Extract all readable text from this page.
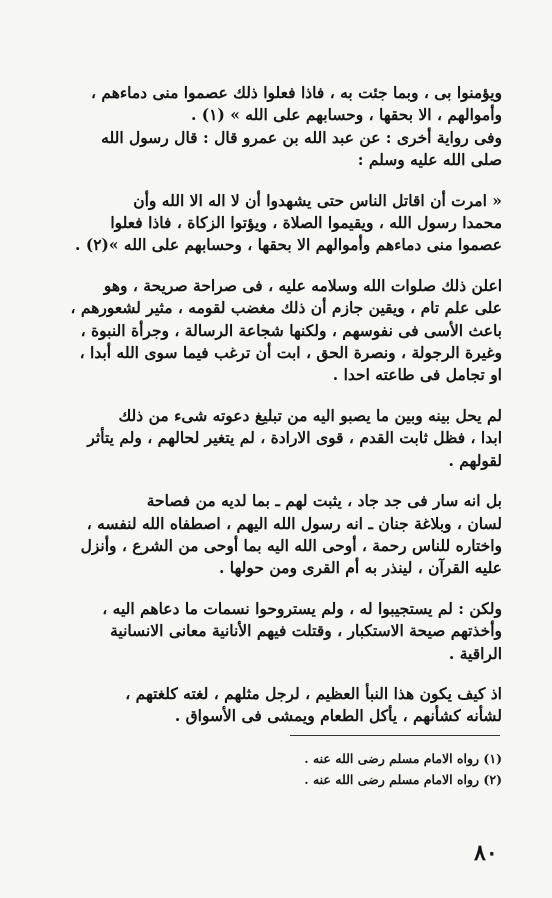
ويؤمنوا بى ، وبما جئت به ، فاذا فعلوا ذلك عصموا منى دماءهم ،
وأموالهم ، الا بحقها ، وحسابهم على الله » (١) .
وفى رواية أخرى : عن عبد الله بن عمرو قال : قال رسول الله
صلى الله عليه وسلم :
« امرت أن اقاتل الناس حتى يشهدوا أن لا اله الا الله وأن
محمدا رسول الله ، ويقيموا الصلاة ، ويؤتوا الزكاة ، فاذا فعلوا
عصموا منى دماءهم وأموالهم الا بحقها ، وحسابهم على الله »(٢) .
اعلن ذلك صلوات الله وسلامه عليه ، فى صراحة صريحة ، وهو
على علم تام ، ويقين جازم أن ذلك مغضب لقومه ، مثير لشعورهم ،
باعث الأسى فى نفوسهم ، ولكنها شجاعة الرسالة ، وجرأة النبوة ،
وغيرة الرجولة ، ونصرة الحق ، ابت أن ترغب فيما سوى الله أبدا ،
او تجامل فى طاعته احدا .
لم يحل بينه وبين ما يصبو اليه من تبليغ دعوته شىء من ذلك
ابدا ، فظل ثابت القدم ، قوى الارادة ، لم يتغير لحالهم ، ولم يتأثر
لقولهم .
بل انه سار فى جد جاد ، يثبت لهم ـ بما لديه من فصاحة
لسان ، وبلاغة جنان ـ انه رسول الله اليهم ، اصطفاه الله لنفسه ،
واختاره للناس رحمة ، أوحى الله اليه بما أوحى من الشرع ، وأنزل
عليه القرآن ، لينذر به أم القرى ومن حولها .
ولكن : لم يستجيبوا له ، ولم يستروحوا نسمات ما دعاهم اليه ،
وأخذتهم صيحة الاستكبار ، وقتلت فيهم الأنانية معانى الانسانية
الراقية .
اذ كيف يكون هذا النبأ العظيم ، لرجل مثلهم ، لغته كلغتهم ،
لشأنه كشأنهم ، يأكل الطعام ويمشى فى الأسواق .
(١) رواه الامام مسلم رضى الله عنه .
(٢) رواه الامام مسلم رضى الله عنه .
٨٠
